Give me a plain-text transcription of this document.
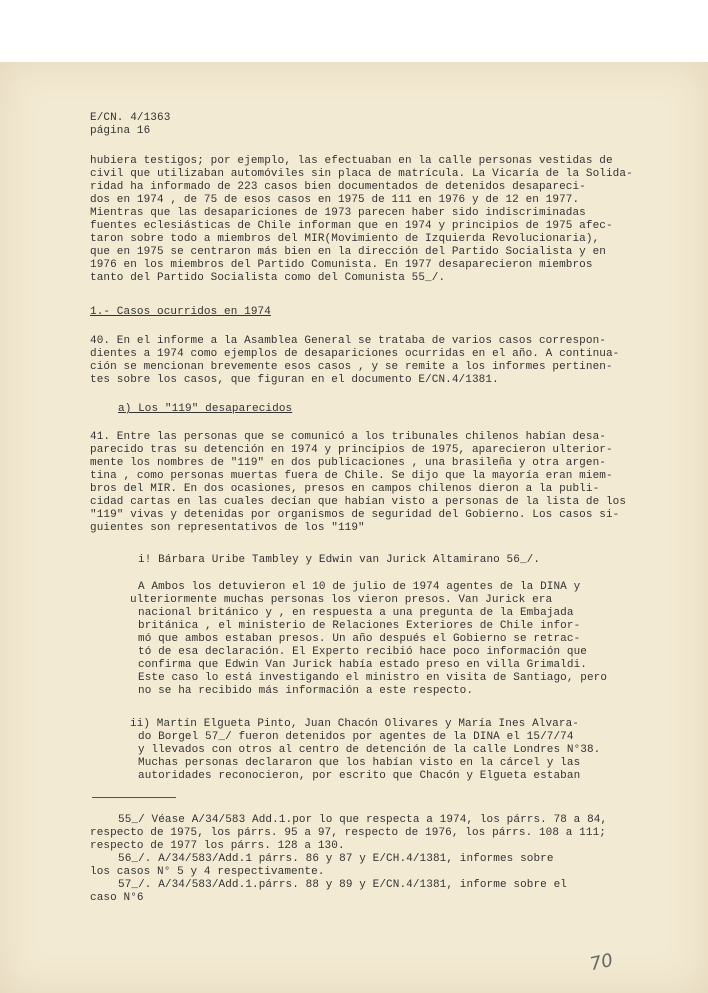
E/CN. 4/1363
página 16
hubiera testigos; por ejemplo, las efectuaban en la calle personas vestidas de
civil que utilizaban automóviles sin placa de matrícula. La Vicaría de la Solida-
ridad ha informado de 223 casos bien documentados de detenidos desapareci-
dos en 1974 , de 75 de esos casos en 1975 de 111 en 1976 y de 12 en 1977.
Mientras que las desapariciones de 1973 parecen haber sido indiscriminadas
fuentes eclesiásticas de Chile informan que en 1974 y principios de 1975 afec-
taron sobre todo a miembros del MIR(Movimiento de Izquierda Revolucionaria),
que en 1975 se centraron más bien en la dirección del Partido Socialista y en
1976 en los miembros del Partido Comunista. En 1977 desaparecieron miembros
tanto del Partido Socialista como del Comunista 55_/.
1.- Casos ocurridos en 1974
40. En el informe a la Asamblea General se trataba de varios casos correspon-
dientes a 1974 como ejemplos de desapariciones ocurridas en el año. A continua-
ción se mencionan brevemente esos casos , y se remite a los informes pertinen-
tes sobre los casos, que figuran en el documento E/CN.4/1381.
a) Los "119" desaparecidos
41. Entre las personas que se comunicó a los tribunales chilenos habían desa-
parecido tras su detención en 1974 y principios de 1975, aparecieron ulterior-
mente los nombres de "119" en dos publicaciones , una brasileña y otra argen-
tina , como personas muertas fuera de Chile. Se dijo que la mayoría eran miem-
bros del MIR. En dos ocasiones, presos en campos chilenos dieron a la publi-
cidad cartas en las cuales decían que habían visto a personas de la lista de los
"119" vivas y detenidas por organismos de seguridad del Gobierno. Los casos si-
guientes son representativos de los "119"
i! Bárbara Uribe Tambley y Edwin van Jurick Altamirano 56_/.
A Ambos los detuvieron el 10 de julio de 1974 agentes de la DINA y
ulteriormente muchas personas los vieron presos. Van Jurick era
nacional británico y , en respuesta a una pregunta de la Embajada
británica , el ministerio de Relaciones Exteriores de Chile infor-
mó que ambos estaban presos. Un año después el Gobierno se retrac-
tó de esa declaración. El Experto recibió hace poco información que
confirma que Edwin Van Jurick había estado preso en villa Grimaldi.
Este caso lo está investigando el ministro en visita de Santiago, pero
no se ha recibido más información a este respecto.
ii) Martín Elgueta Pinto, Juan Chacón Olivares y María Ines Alvara-
do Borgel 57_/ fueron detenidos por agentes de la DINA el 15/7/74
y llevados con otros al centro de detención de la calle Londres N°38.
Muchas personas declararon que los habían visto en la cárcel y las
autoridades reconocieron, por escrito que Chacón y Elgueta estaban
55_/ Véase A/34/583 Add.1.por lo que respecta a 1974, los párrs. 78 a 84,
respecto de 1975, los párrs. 95 a 97, respecto de 1976, los párrs. 108 a 111;
respecto de 1977 los párrs. 128 a 130.
56_/. A/34/583/Add.1 párrs. 86 y 87 y E/CH.4/1381, informes sobre
los casos N° 5 y 4 respectivamente.
57_/. A/34/583/Add.1.párrs. 88 y 89 y E/CN.4/1381, informe sobre el
caso N°6
70
